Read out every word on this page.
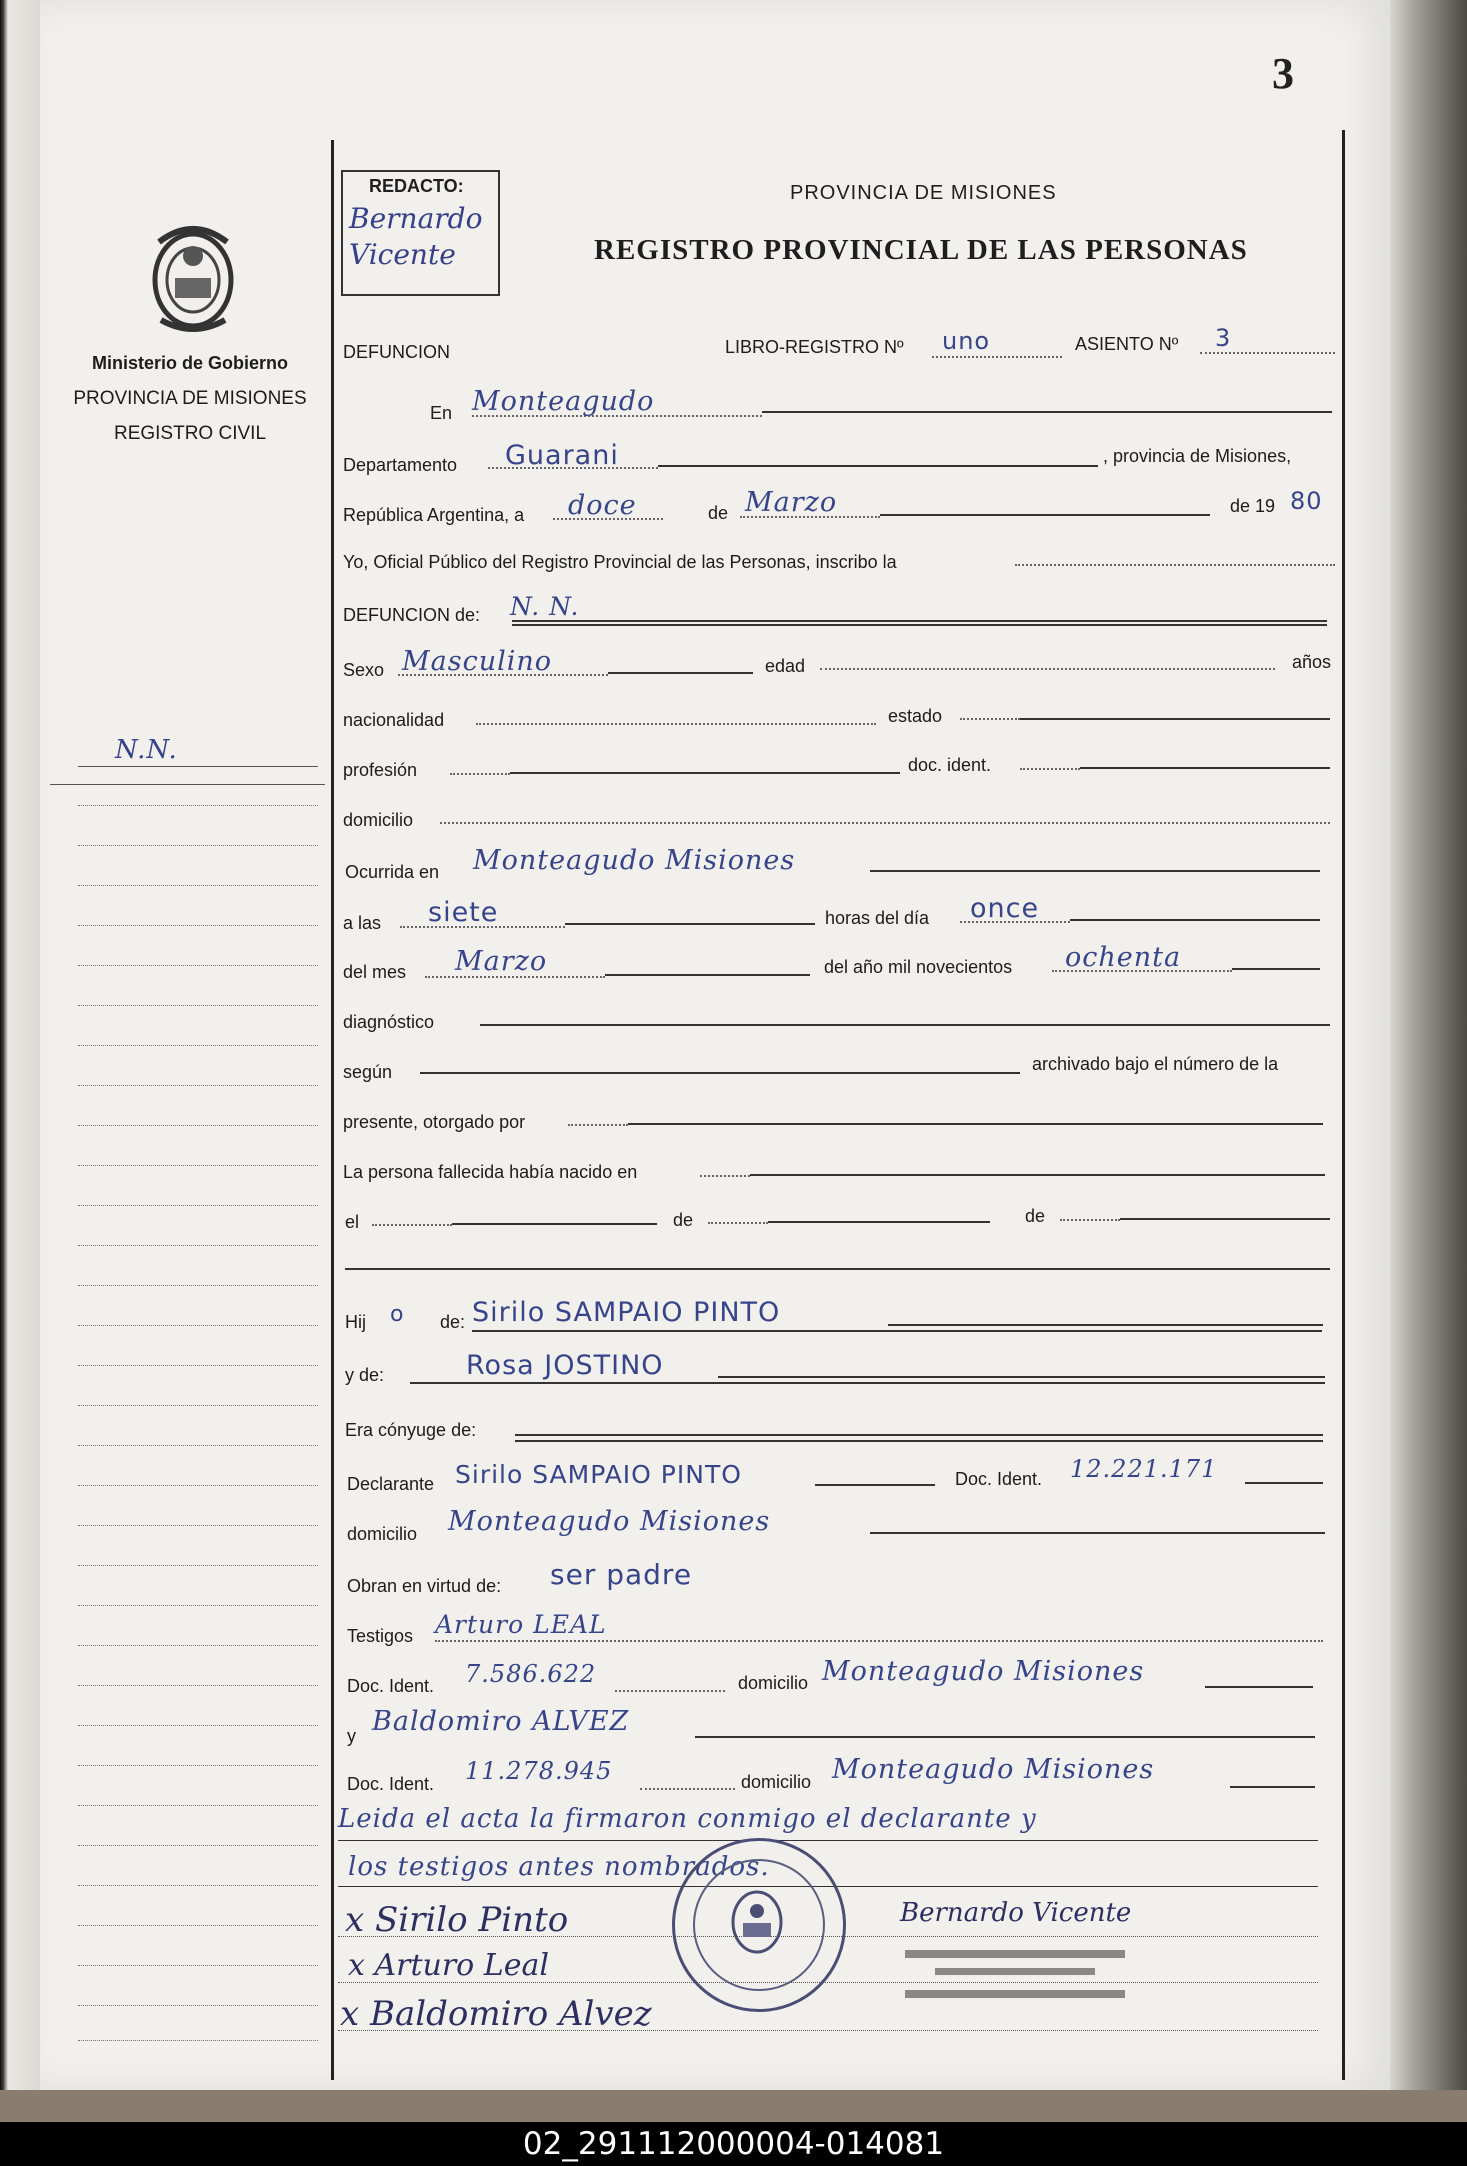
3
Ministerio de Gobierno
PROVINCIA DE MISIONES
REGISTRO CIVIL
N.N.
REDACTO:
Bernardo
Vicente
PROVINCIA DE MISIONES
REGISTRO PROVINCIAL DE LAS PERSONAS
DEFUNCION	LIBRO-REGISTRO Nº uno	ASIENTO Nº 3
En Monteagudo
Departamento Guarani	, provincia de Misiones,
República Argentina, a doce	de Marzo	de 19 80
Yo, Oficial Público del Registro Provincial de las Personas, inscribo la
DEFUNCION de: N. N.
Sexo Masculino	edad	años
nacionalidad	estado
profesión	doc. ident.
domicilio
Ocurrida en Monteagudo Misiones
a las siete	horas del día once
del mes Marzo	del año mil novecientos ochenta
diagnóstico
según	archivado bajo el número de la
presente, otorgado por
La persona fallecida había nacido en
el	de	de
Hij o de: Sirilo SAMPAIO PINTO
y de:	Rosa JOSTINO
Era cónyuge de:
Declarante Sirilo SAMPAIO PINTO	Doc. Ident. 12.221.171
domicilio Monteagudo Misiones
Obran en virtud de: ser padre
Testigos Arturo LEAL
Doc. Ident. 7.586.622	domicilio Monteagudo Misiones
y Baldomiro ALVEZ
Doc. Ident. 11.278.945	domicilio Monteagudo Misiones
Leida el acta la firmaron conmigo el declarante y
los testigos antes nombrados.
x Sirilo Pinto
x Arturo Leal
x Baldomiro Alvez
Bernardo Vicente
02_291112000004-014081
